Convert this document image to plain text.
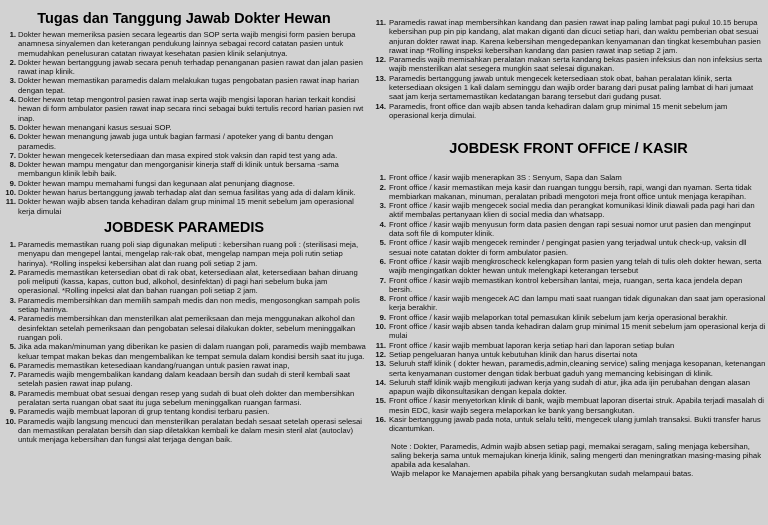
Tugas dan Tanggung Jawab Dokter Hewan
1. Dokter hewan memeriksa pasien secara legeartis dan SOP serta wajib mengisi form pasien berupa anamnesa sinyalemen dan keterangan pendukung lainnya sebagai record catatan pasien untuk memudahkan penelusuran catatan riwayat kesehatan pasien klinik selanjutnya.
2. Dokter hewan bertanggung jawab secara penuh terhadap penanganan pasien rawat dan jalan pasien rawat inap klinik.
3. Dokter hewan memastikan paramedis dalam melakukan tugas pengobatan pasien rawat inap harian dengan tepat.
4. Dokter hewan tetap mengontrol pasien rawat inap serta wajib mengisi laporan harian terkait kondisi hewan di form ambulator pasien rawat inap secara rinci sebagai bukti tertulis record harian pasien rwt inap.
5. Dokter hewan menangani kasus sesuai SOP.
6. Dokter hewan menangung jawab juga untuk bagian farmasi / apoteker yang di bantu dengan paramedis.
7. Dokter hewan mengecek ketersediaan dan masa expired stok vaksin dan rapid test yang ada.
8. Dokter hewan mampu mengatur dan mengorganisir kinerja staff di klinik untuk bersama -sama membangun klinik lebih baik.
9. Dokter hewan mampu memahami fungsi dan kegunaan alat penunjang diagnose.
10. Dokter hewan harus bertanggung jawab terhadap alat dan semua fasilitas yang ada di dalam klinik.
11. Dokter hewan wajib absen tanda kehadiran dalam grup minimal 15 menit sebelum jam operasional kerja dimulai
JOBDESK PARAMEDIS
1. Paramedis memastikan ruang poli siap digunakan meliputi : kebersihan ruang poli : (sterilisasi meja, menyapu dan mengepel lantai, mengelap rak-rak obat, mengelap nampan meja poli rutin setiap harinya). *Rolling inspeksi kebersihan alat dan ruang poli setiap 2 jam.
2. Paramedis memastikan ketersedian obat di rak obat, ketersediaan alat, ketersediaan bahan diruang poli meliputi (kassa, kapas, cutton bud, alkohol, desinfektan) di pagi hari sebelum buka jam operasional. *Rolling inpeksi alat dan bahan ruangan poli setiap 2 jam.
3. Paramedis membersihkan dan memilih sampah medis dan non medis, mengosongkan sampah polis setiap harinya.
4. Paramedis membersihkan dan mensterilkan alat pemeriksaan dan meja menggunakan alkohol dan desinfektan setelah pemeriksaan dan pengobatan selesai dilakukan dokter, sebelum meninggalkan ruangan poli.
5. Jika ada makan/minuman yang diberikan ke pasien di dalam ruangan poli, paramedis wajib membawa keluar tempat makan bekas dan mengembalikan ke tempat semula dalam kondisi bersih saat itu juga.
6. Paramedis memastikan ketesediaan kandang/ruangan untuk pasien rawat inap,
7. Paramedis wajib mengembalikan kandang dalam keadaan bersih dan sudah di steril kembali saat setelah pasien rawat inap pulang.
8. Paramedis membuat obat sesuai dengan resep yang sudah di buat oleh dokter dan membersihkan peralatan serta ruangan obat saat itu juga sebelum meninggalkan ruangan farmasi.
9. Paramedis wajib membuat laporan di grup tentang kondisi terbaru pasien.
10. Paramedis wajib langsung mencuci dan mensterilkan peralatan bedah sesaat setelah operasi selesai dan memastikan peralatan bersih dan siap diletakkan kembali ke dalam mesin steril alat (autoclav) untuk menjaga kebersihan dan fungsi alat terjaga dengan baik.
11. Paramedis rawat inap membersihkan kandang dan pasien rawat inap paling lambat pagi pukul 10.15 berupa kebersihan pup pin pip kandang, alat makan diganti dan dicuci setiap hari, dan waktu pemberian obat sesuai anjuran dokter rawat inap. Karena kebersihan mengedepankan kenyamanan dan tingkat kesembuhan pasien rawat inap *Rolling inspeksi kebersihan kandang dan pasien rawat inap setiap 2 jam.
12. Paramedis wajib memisahkan peralatan makan serta kandang bekas pasien infeksius dan non infeksius serta wajib mensterilkan alat sesegera mungkin saat selesai digunakan.
13. Paramedis bertanggung jawab untuk mengecek ketersediaan stok obat, bahan peralatan klinik, serta ketersediaan oksigen 1 kali dalam seminggu dan wajib order barang dari pusat paling lambat di hari jumaat saat jam kerja sertamemastikan kedatangan barang tersebut dari gudang pusat.
14. Paramedis, front office dan wajib absen tanda kehadiran dalam grup minimal 15 menit sebelum jam operasional kerja dimulai.
JOBDESK FRONT OFFICE / KASIR
1. Front office / kasir wajib menerapkan 3S : Senyum, Sapa dan Salam
2. Front office / kasir memastikan meja kasir dan ruangan tunggu bersih, rapi, wangi dan nyaman. Serta tidak membiarkan makanan, minuman, peralatan pribadi mengotori meja front office untuk menjaga kerapihan.
3. Front office / kasir wajib mengecek social media dan perangkat komunikasi klinik diawali pada pagi hari dan aktif membalas pertanyaan klien di social media dan whatsapp.
4. Front office / kasir wajib menyusun form data pasien dengan rapi sesuai nomor urut pasien dan menginput data soft file di komputer klinik.
5. Front office / kasir wajib mengecek reminder / pengingat pasien yang terjadwal untuk check-up, vaksin dll sesuai note catatan dokter di form ambulator pasien.
6. Front office / kasir wajib mengkroscheck kelengkapan form pasien yang telah di tulis oleh dokter hewan, serta wajib mengingatkan dokter hewan untuk melengkapi keterangan tersebut
7. Front office / kasir wajib memastikan kontrol kebersihan lantai, meja, ruangan, serta kaca jendela depan bersih.
8. Front office / kasir wajib mengecek AC dan lampu mati saat ruangan tidak digunakan dan saat jam operasional kerja berakhir.
9. Front office / kasir wajib melaporkan total pemasukan klinik sebelum jam kerja operasional berakhir.
10. Front office / kasir wajib absen tanda kehadiran dalam grup minimal 15 menit sebelum jam operasional kerja di mulai
11. Front office / kasir wajib membuat laporan kerja setiap hari dan laporan setiap bulan
12. Setiap pengeluaran hanya untuk kebutuhan klinik dan harus disertai nota
13. Seluruh staff klinik ( dokter hewan, paramedis,admin,cleaning service) saling menjaga kesopanan, ketenangan serta kenyamanan customer dengan tidak berbuat gaduh yang memancing kebisingan di klinik.
14. Seluruh staff klinik wajib mengikuti jadwan kerja yang sudah di atur, jika ada ijin perubahan dengan alasan apapun wajib dikonsultasikan dengan kepala dokter.
15. Front office / kasir menyetorkan klinik di bank, wajib membuat laporan disertai struk. Apabila terjadi masalah di mesin EDC, kasir wajib segera melaporkan ke bank yang bersangkutan.
16. Kasir bertanggung jawab pada nota, untuk selalu teliti, mengecek ulang jumlah transaksi. Bukti transfer harus dicantumkan.
Note : Dokter, Paramedis, Admin wajib absen setiap pagi, memakai seragam, saling menjaga kebersihan, saling bekerja sama untuk memajukan kinerja klinik, saling mengerti dan meningratkan masing-masing pihak apabila ada kesalahan.
Wajib melapor ke Manajemen apabila pihak yang bersangkutan sudah melampaui batas.
